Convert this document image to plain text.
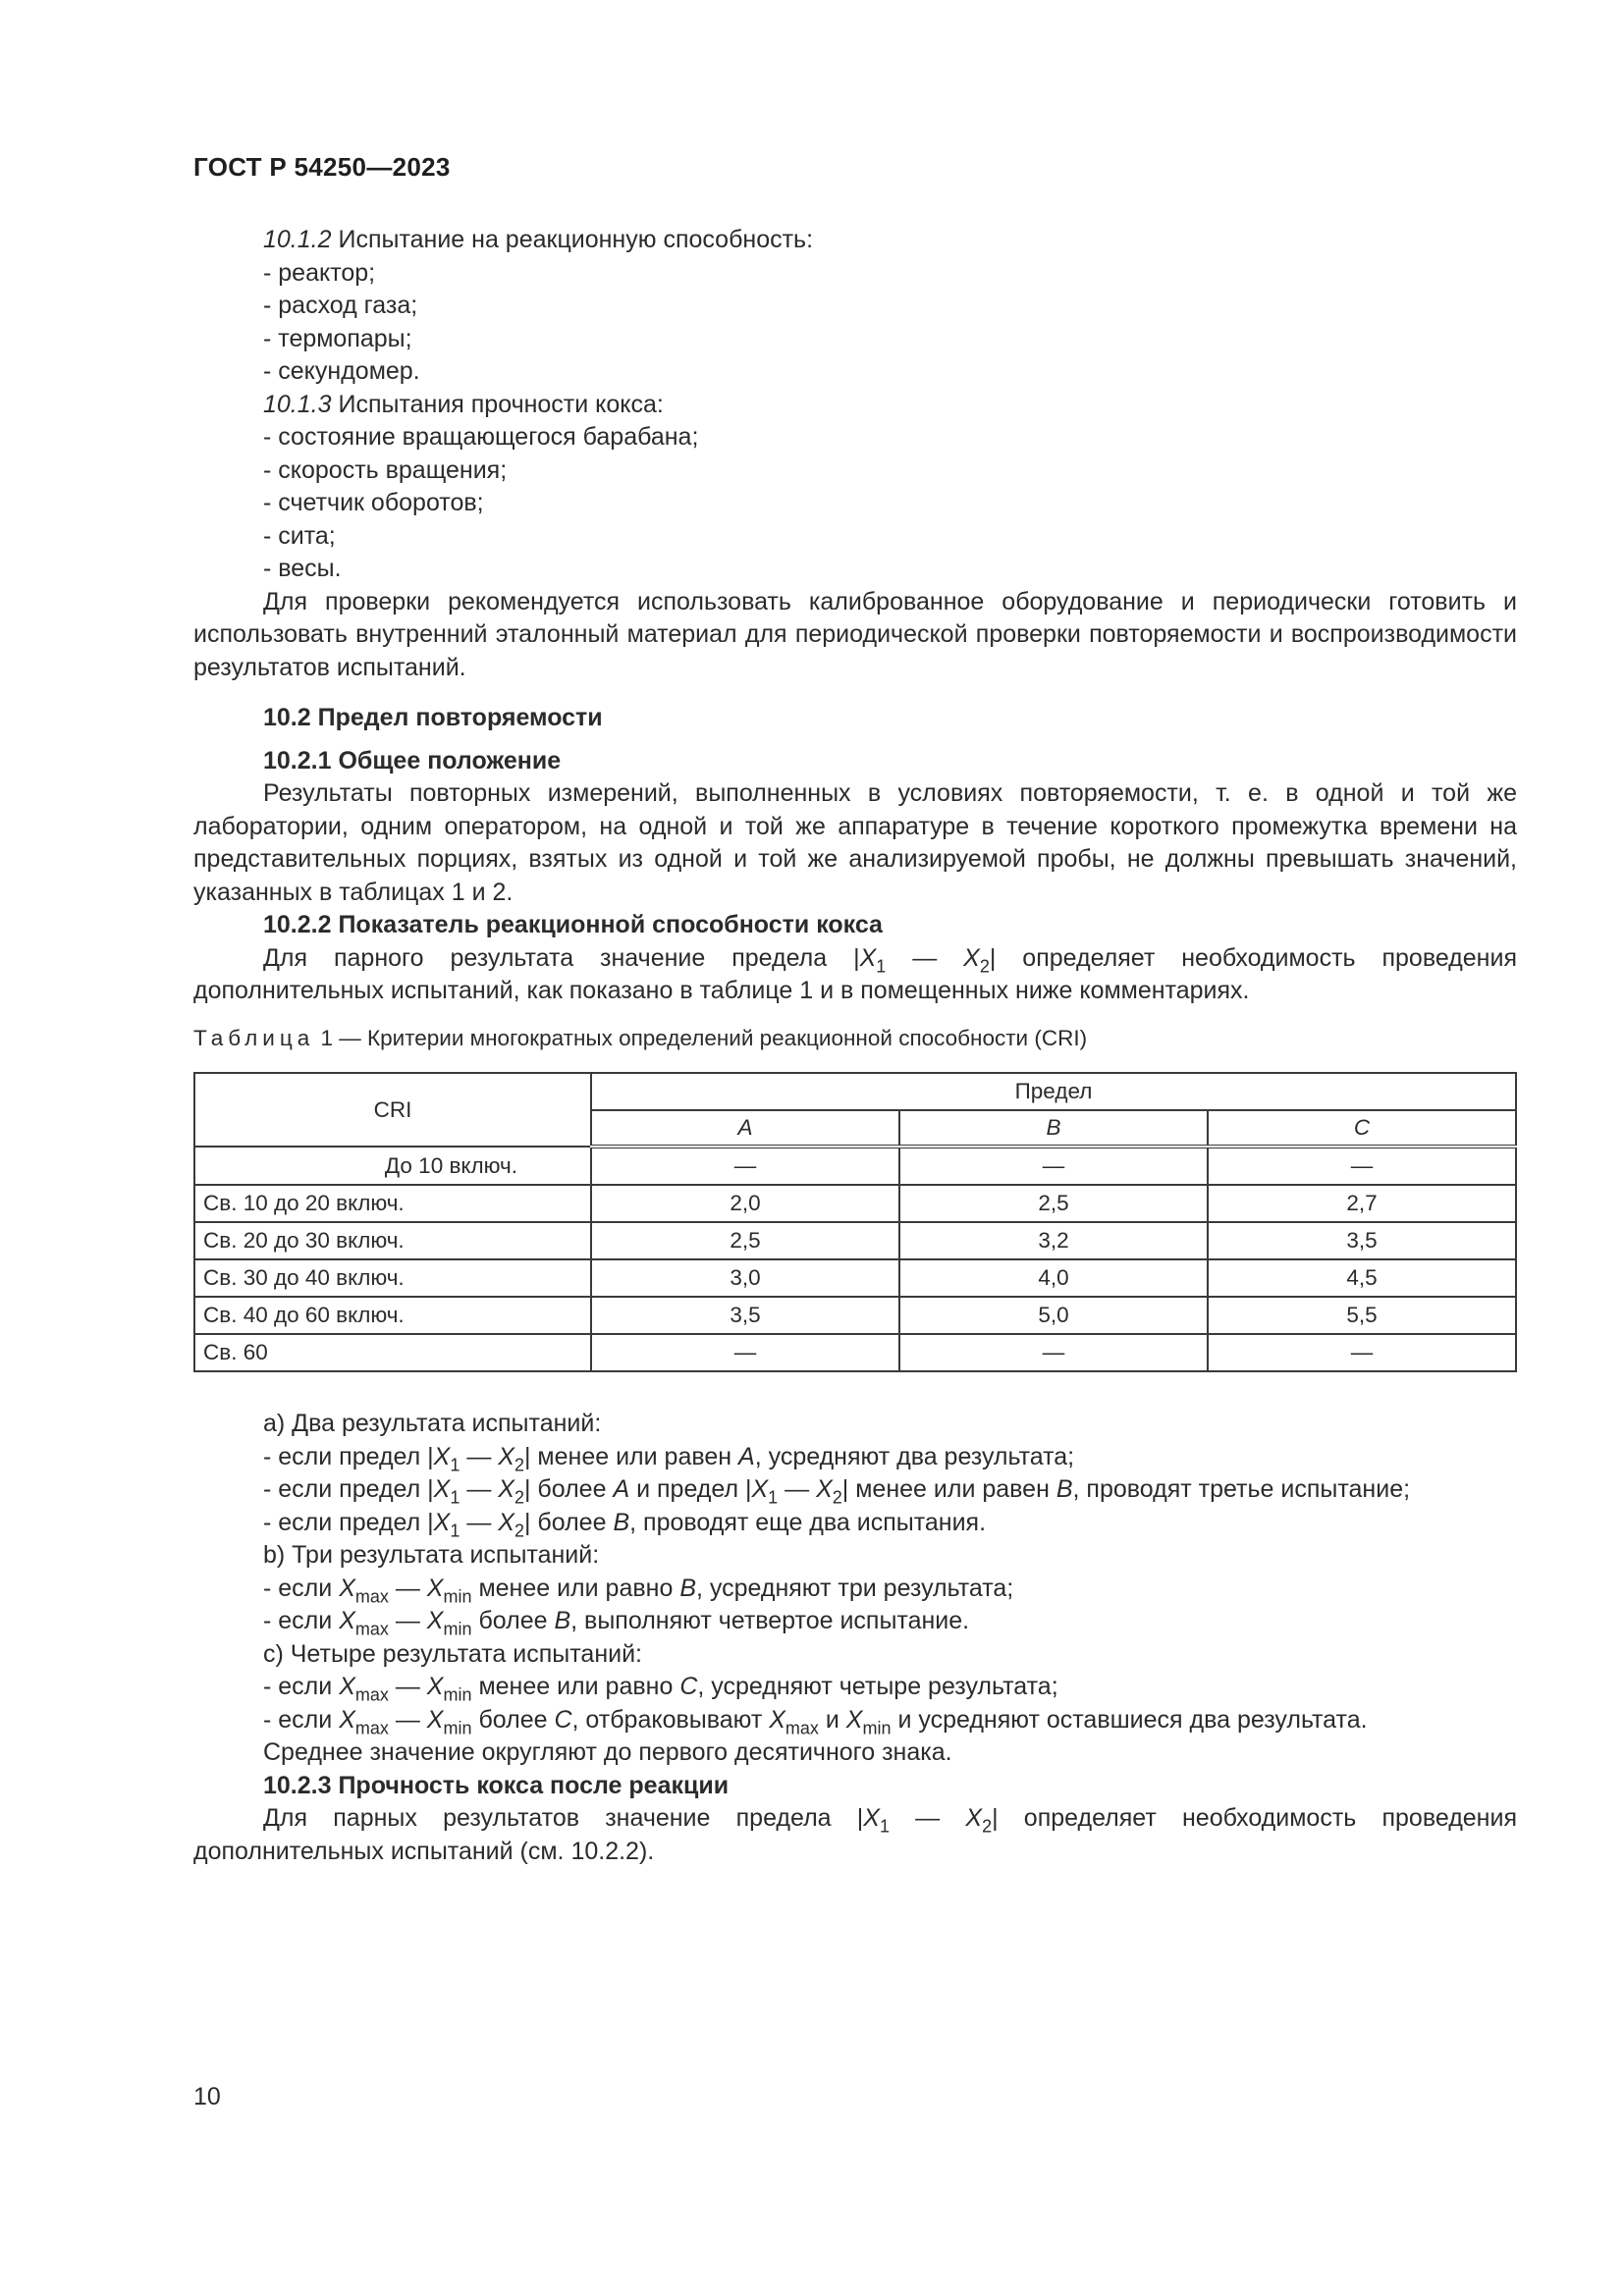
ГОСТ Р 54250—2023

10.1.2 Испытание на реакционную способность:

- реактор;

- расход газа;

- термопары;

- секундомер.

10.1.3 Испытания прочности кокса:

- состояние вращающегося барабана;

- скорость вращения;

- счетчик оборотов;

- сита;

- весы.

Для проверки рекомендуется использовать калиброванное оборудование и периодически готовить и использовать внутренний эталонный материал для периодической проверки повторяемости и воспроизводимости результатов испытаний.

10.2 Предел повторяемости

10.2.1 Общее положение

Результаты повторных измерений, выполненных в условиях повторяемости, т. е. в одной и той же лаборатории, одним оператором, на одной и той же аппаратуре в течение короткого промежутка времени на представительных порциях, взятых из одной и той же анализируемой пробы, не должны превышать значений, указанных в таблицах 1 и 2.

10.2.2 Показатель реакционной способности кокса

Для парного результата значение предела $|X_1$ — $X_2|$ определяет необходимость проведения дополнительных испытаний, как показано в таблице 1 и в помещенных ниже комментариях.

Таблица 1 — Критерии многократных определений реакционной способности (CRI)

CRI	Предел		
	A	B	C
До 10 включ.	—	—	—
Св. 10 до 20 включ.	2,0	2,5	2,7
Св. 20 до 30 включ.	2,5	3,2	3,5
Св. 30 до 40 включ.	3,0	4,0	4,5
Св. 40 до 60 включ.	3,5	5,0	5,5
Св. 60	—	—	—

a) Два результата испытаний:

- если предел $|X_1$ — $X_2|$ менее или равен A, усредняют два результата;

- если предел $|X_1$ — $X_2|$ более A и предел $|X_1$ — $X_2|$ менее или равен B, проводят третье испытание;

- если предел $|X_1$ — $X_2|$ более B, проводят еще два испытания.

b) Три результата испытаний:

- если $X_{max}$ — $X_{min}$ менее или равно B, усредняют три результата;

- если $X_{max}$ — $X_{min}$ более B, выполняют четвертое испытание.

c) Четыре результата испытаний:

- если $X_{max}$ — $X_{min}$ менее или равно C, усредняют четыре результата;

- если $X_{max}$ — $X_{min}$ более C, отбраковывают $X_{max}$ и $X_{min}$ и усредняют оставшиеся два результата.

Среднее значение округляют до первого десятичного знака.

10.2.3 Прочность кокса после реакции

Для парных результатов значение предела $|X_1$ — $X_2|$ определяет необходимость проведения дополнительных испытаний (см. 10.2.2).

10
